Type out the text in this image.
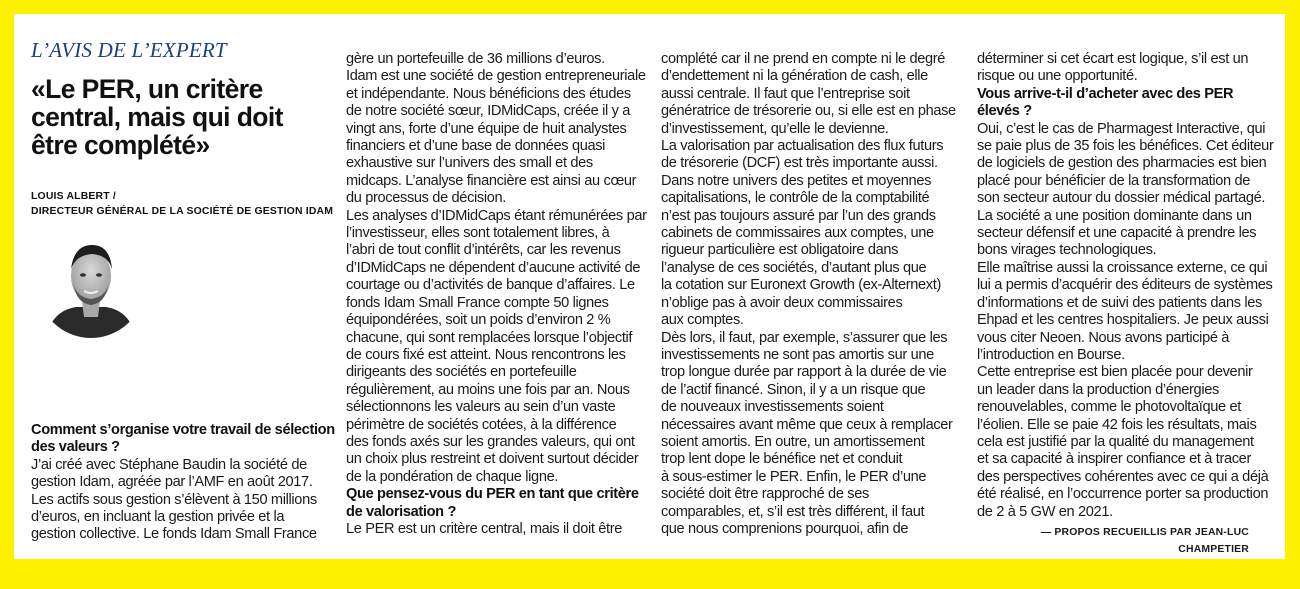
L’AVIS DE L’EXPERT
«Le PER, un critère
central, mais qui doit
être complété»
LOUIS ALBERT /
DIRECTEUR GÉNÉRAL DE LA SOCIÉTÉ DE GESTION IDAM
Comment s’organise votre travail de sélection
des valeurs ?
J’ai créé avec Stéphane Baudin la société de
gestion Idam, agréée par l’AMF en août 2017.
Les actifs sous gestion s’élèvent à 150 millions
d’euros, en incluant la gestion privée et la
gestion collective. Le fonds Idam Small France
gère un portefeuille de 36 millions d’euros.
Idam est une société de gestion entrepreneuriale
et indépendante. Nous bénéficions des études
de notre société sœur, IDMidCaps, créée il y a
vingt ans, forte d’une équipe de huit analystes
financiers et d’une base de données quasi
exhaustive sur l’univers des small et des
midcaps. L’analyse financière est ainsi au cœur
du processus de décision.
Les analyses d’IDMidCaps étant rémunérées par
l’investisseur, elles sont totalement libres, à
l’abri de tout conflit d’intérêts, car les revenus
d’IDMidCaps ne dépendent d’aucune activité de
courtage ou d’activités de banque d’affaires. Le
fonds Idam Small France compte 50 lignes
équipondérées, soit un poids d’environ 2 %
chacune, qui sont remplacées lorsque l’objectif
de cours fixé est atteint. Nous rencontrons les
dirigeants des sociétés en portefeuille
régulièrement, au moins une fois par an. Nous
sélectionnons les valeurs au sein d’un vaste
périmètre de sociétés cotées, à la différence
des fonds axés sur les grandes valeurs, qui ont
un choix plus restreint et doivent surtout décider
de la pondération de chaque ligne.
Que pensez-vous du PER en tant que critère
de valorisation ?
Le PER est un critère central, mais il doit être
complété car il ne prend en compte ni le degré
d’endettement ni la génération de cash, elle
aussi centrale. Il faut que l’entreprise soit
génératrice de trésorerie ou, si elle est en phase
d’investissement, qu’elle le devienne.
La valorisation par actualisation des flux futurs
de trésorerie (DCF) est très importante aussi.
Dans notre univers des petites et moyennes
capitalisations, le contrôle de la comptabilité
n’est pas toujours assuré par l’un des grands
cabinets de commissaires aux comptes, une
rigueur particulière est obligatoire dans
l’analyse de ces sociétés, d’autant plus que
la cotation sur Euronext Growth (ex-Alternext)
n’oblige pas à avoir deux commissaires
aux comptes.
Dès lors, il faut, par exemple, s’assurer que les
investissements ne sont pas amortis sur une
trop longue durée par rapport à la durée de vie
de l’actif financé. Sinon, il y a un risque que
de nouveaux investissements soient
nécessaires avant même que ceux à remplacer
soient amortis. En outre, un amortissement
trop lent dope le bénéfice net et conduit
à sous-estimer le PER. Enfin, le PER d’une
société doit être rapproché de ses
comparables, et, s’il est très différent, il faut
que nous comprenions pourquoi, afin de
déterminer si cet écart est logique, s’il est un
risque ou une opportunité.
Vous arrive-t-il d’acheter avec des PER
élevés ?
Oui, c’est le cas de Pharmagest Interactive, qui
se paie plus de 35 fois les bénéfices. Cet éditeur
de logiciels de gestion des pharmacies est bien
placé pour bénéficier de la transformation de
son secteur autour du dossier médical partagé.
La société a une position dominante dans un
secteur défensif et une capacité à prendre les
bons virages technologiques.
Elle maîtrise aussi la croissance externe, ce qui
lui a permis d’acquérir des éditeurs de systèmes
d’informations et de suivi des patients dans les
Ehpad et les centres hospitaliers. Je peux aussi
vous citer Neoen. Nous avons participé à
l’introduction en Bourse.
Cette entreprise est bien placée pour devenir
un leader dans la production d’énergies
renouvelables, comme le photovoltaïque et
l’éolien. Elle se paie 42 fois les résultats, mais
cela est justifié par la qualité du management
et sa capacité à inspirer confiance et à tracer
des perspectives cohérentes avec ce qui a déjà
été réalisé, en l’occurrence porter sa production
de 2 à 5 GW en 2021.
— PROPOS RECUEILLIS PAR JEAN-LUC CHAMPETIER
